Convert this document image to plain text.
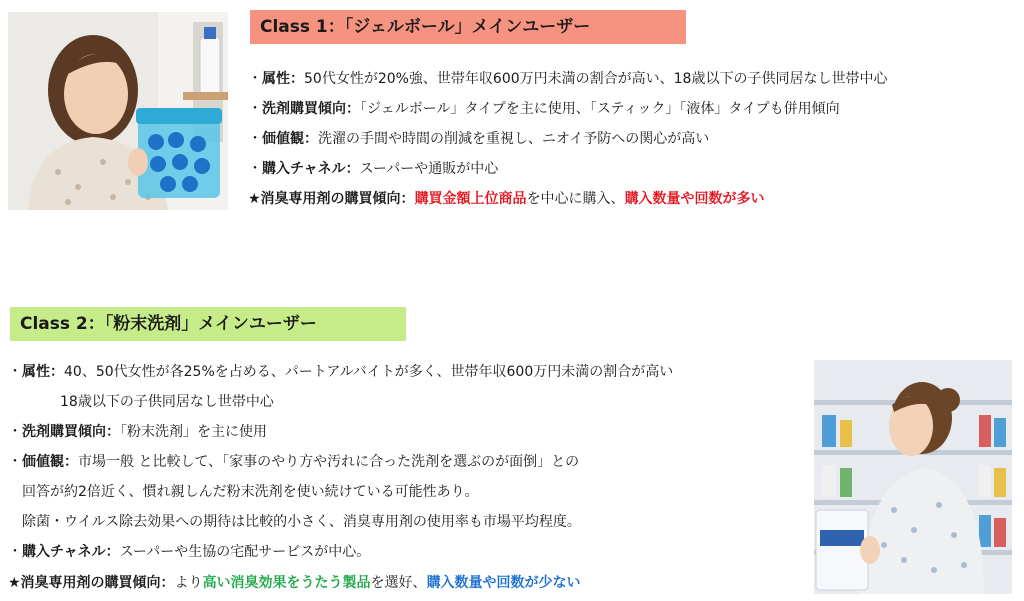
Class 1：「ジェルボール」メインユーザー
・属性：50代女性が20%強、世帯年収600万円未満の割合が高い、18歳以下の子供同居なし世帯中心
・洗剤購買傾向：「ジェルボール」タイプを主に使用、「スティック」「液体」タイプも併用傾向
・価値観：洗濯の手間や時間の削減を重視し、ニオイ予防への関心が高い
・購入チャネル：スーパーや通販が中心
★消臭専用剤の購買傾向：購買金額上位商品を中心に購入、購入数量や回数が多い
Class 2：「粉末洗剤」メインユーザー
・属性：40、50代女性が各25%を占める、パートアルバイトが多く、世帯年収600万円未満の割合が高い
18歳以下の子供同居なし世帯中心
・洗剤購買傾向：「粉末洗剤」を主に使用
・価値観：市場一般 と比較して、「家事のやり方や汚れに合った洗剤を選ぶのが面倒」との
回答が約2倍近く、慣れ親しんだ粉末洗剤を使い続けている可能性あり。
除菌・ウイルス除去効果への期待は比較的小さく、消臭専用剤の使用率も市場平均程度。
・購入チャネル：スーパーや生協の宅配サービスが中心。
★消臭専用剤の購買傾向：より高い消臭効果をうたう製品を選好、購入数量や回数が少ない
